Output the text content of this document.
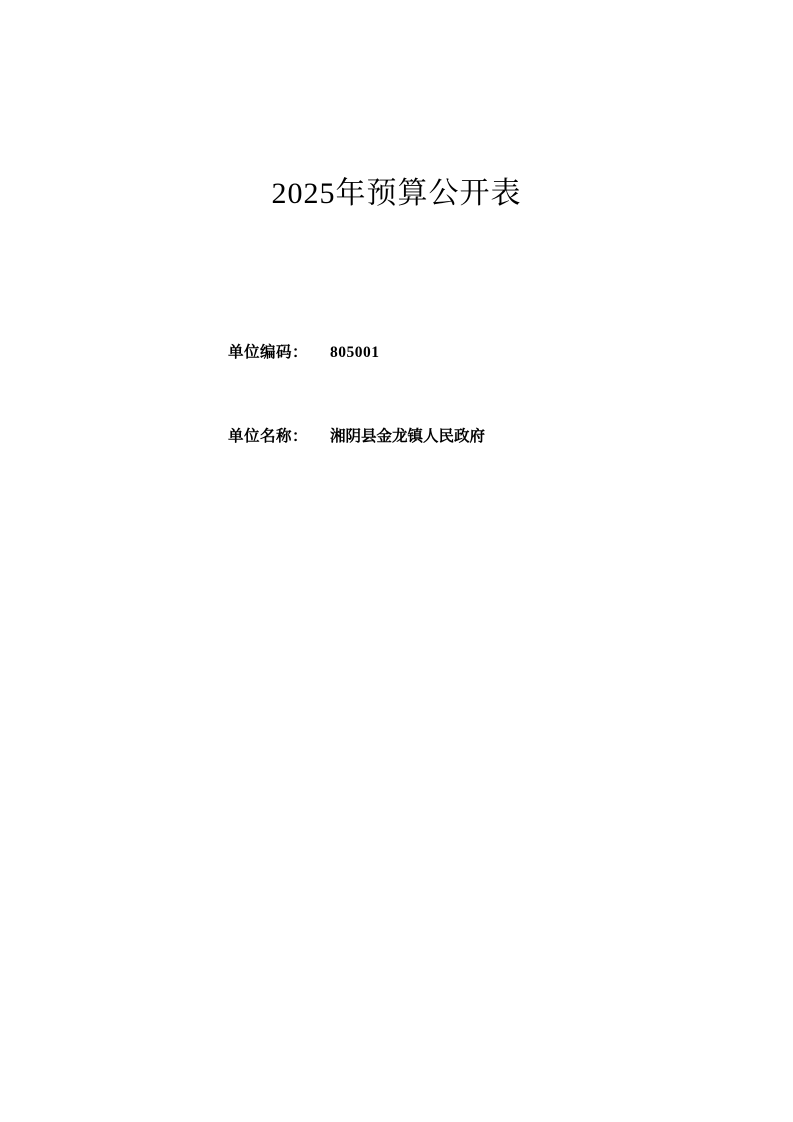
2025年预算公开表
单位编码： 805001
单位名称： 湘阴县金龙镇人民政府
